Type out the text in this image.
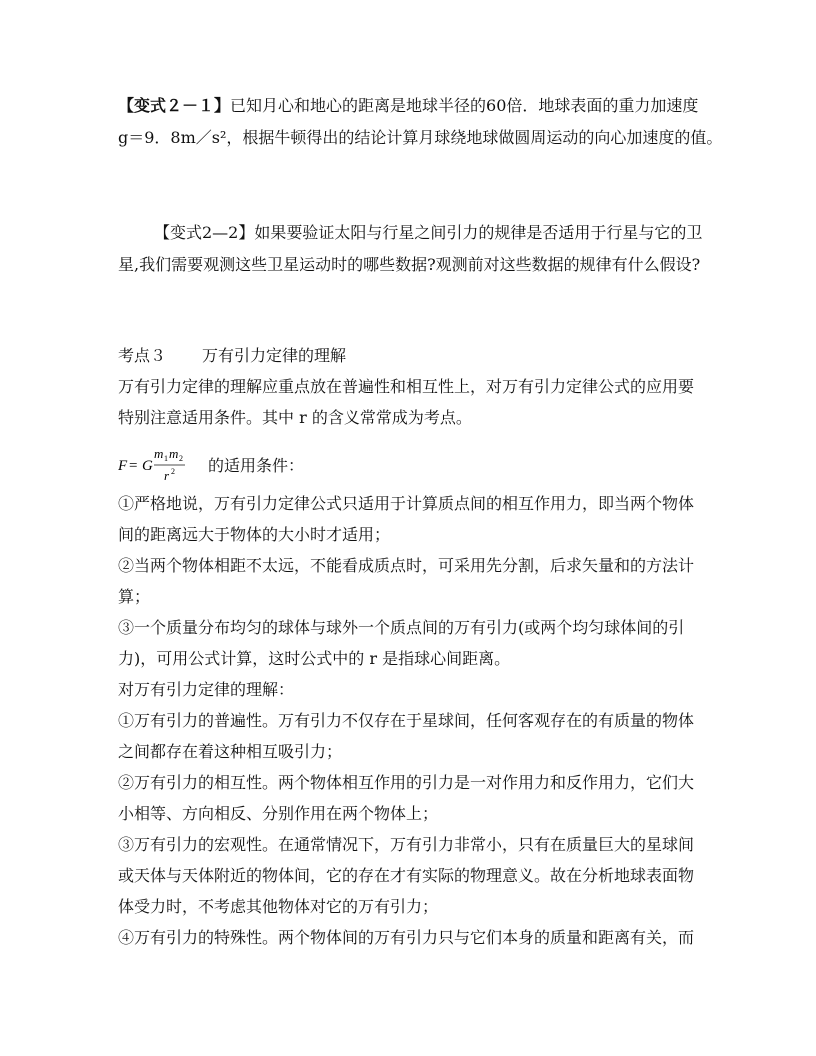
【变式２－１】已知月心和地心的距离是地球半径的60倍．地球表面的重力加速度
g＝9．8m／s²，根据牛顿得出的结论计算月球绕地球做圆周运动的向心加速度的值。
【变式2—2】如果要验证太阳与行星之间引力的规律是否适用于行星与它的卫
星,我们需要观测这些卫星运动时的哪些数据?观测前对这些数据的规律有什么假设?
考点３ 万有引力定律的理解
万有引力定律的理解应重点放在普遍性和相互性上，对万有引力定律公式的应用要
特别注意适用条件。其中 r 的含义常常成为考点。
F = G
m 1 m 2
r 2 的适用条件：
①严格地说，万有引力定律公式只适用于计算质点间的相互作用力，即当两个物体
间的距离远大于物体的大小时才适用；
②当两个物体相距不太远，不能看成质点时，可采用先分割，后求矢量和的方法计
算；
③一个质量分布均匀的球体与球外一个质点间的万有引力(或两个均匀球体间的引
力)，可用公式计算，这时公式中的 r 是指球心间距离。
对万有引力定律的理解：
①万有引力的普遍性。万有引力不仅存在于星球间，任何客观存在的有质量的物体
之间都存在着这种相互吸引力；
②万有引力的相互性。两个物体相互作用的引力是一对作用力和反作用力，它们大
小相等、方向相反、分别作用在两个物体上；
③万有引力的宏观性。在通常情况下，万有引力非常小，只有在质量巨大的星球间
或天体与天体附近的物体间，它的存在才有实际的物理意义。故在分析地球表面物
体受力时，不考虑其他物体对它的万有引力；
④万有引力的特殊性。两个物体间的万有引力只与它们本身的质量和距离有关，而
